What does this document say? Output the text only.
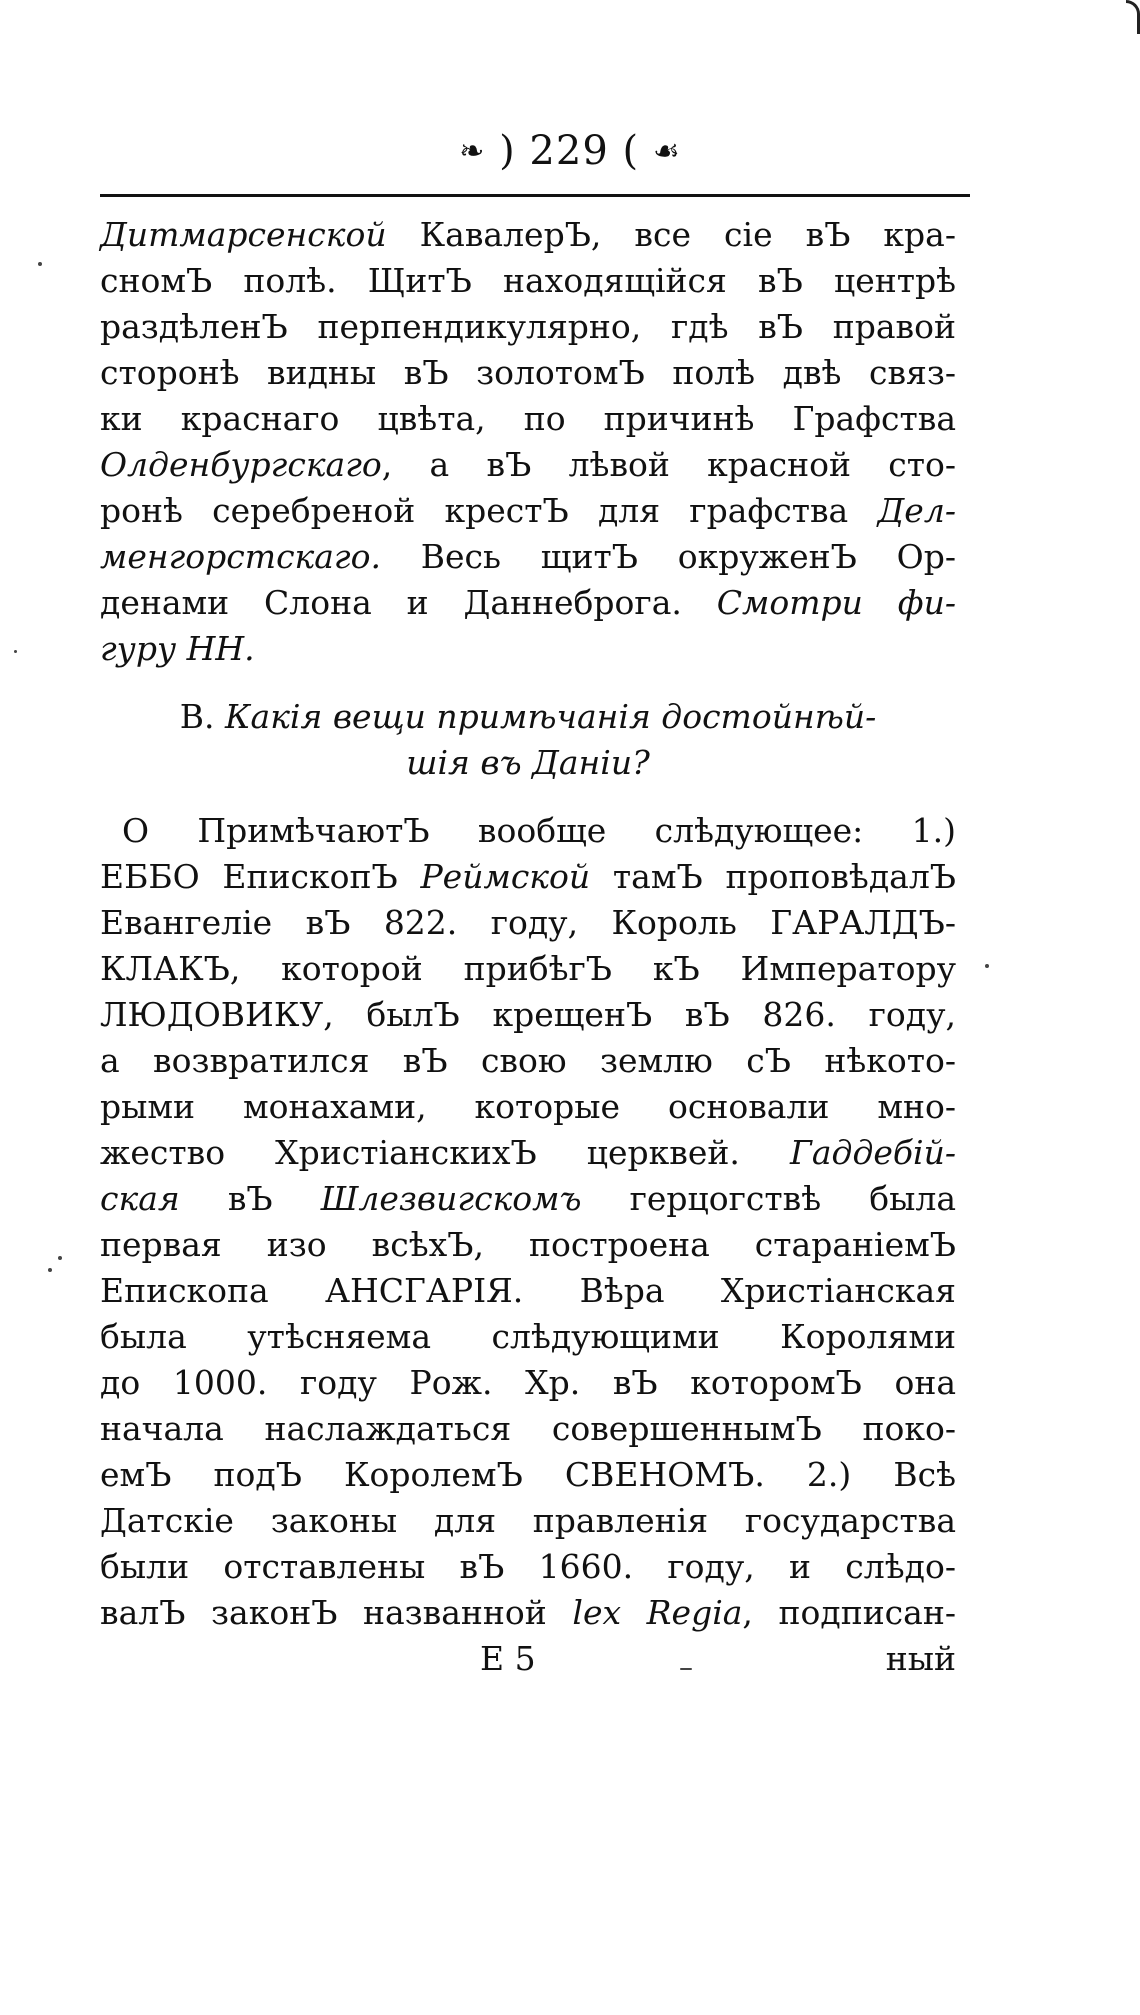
❧ ) 229 ( ☙
Дитмарсенской КавалерЪ, все сіе вЪ кра-
сномЪ полѣ. ЩитЪ находящійся вЪ центрѣ
раздѣленЪ перпендикулярно, гдѣ вЪ правой
сторонѣ видны вЪ золотомЪ полѣ двѣ связ-
ки краснаго цвѣта, по причинѣ Графства
Олденбургскаго, а вЪ лѣвой красной сто-
ронѣ серебреной крестЪ для графства Дел-
менгорстскаго. Весь щитЪ окруженЪ Ор-
денами Слона и Даннеброга. Смотри фи-
гуру НН.
В. Какія вещи примѣчанія достойнѣй-
шія въ Даніи?
О ПримѣчаютЪ вообще слѣдующее: 1.)
ЕББО ЕпископЪ Реймской тамЪ проповѣдалЪ
Евангеліе вЪ 822. году, Король ГАРАЛДЪ-
КЛАКЪ, которой прибѣгЪ кЪ Императору
ЛЮДОВИКУ, былЪ крещенЪ вЪ 826. году,
а возвратился вЪ свою землю сЪ нѣкото-
рыми монахами, которые основали мно-
жество ХристіанскихЪ церквей. Гаддебій-
ская вЪ Шлезвигскомъ герцогствѣ была
первая изо всѣхЪ, построена стараніемЪ
Епископа АНСГАРІЯ. Вѣра Христіанская
была утѣсняема слѣдующими Королями
до 1000. году Рож. Хр. вЪ которомЪ она
начала наслаждаться совершеннымЪ поко-
емЪ подЪ КоролемЪ СВЕНОМЪ. 2.) Всѣ
Датскіе законы для правленія государства
были отставлены вЪ 1660. году, и слѣдо-
валЪ законЪ названной lex Regia, подписан-
E 5	ный
